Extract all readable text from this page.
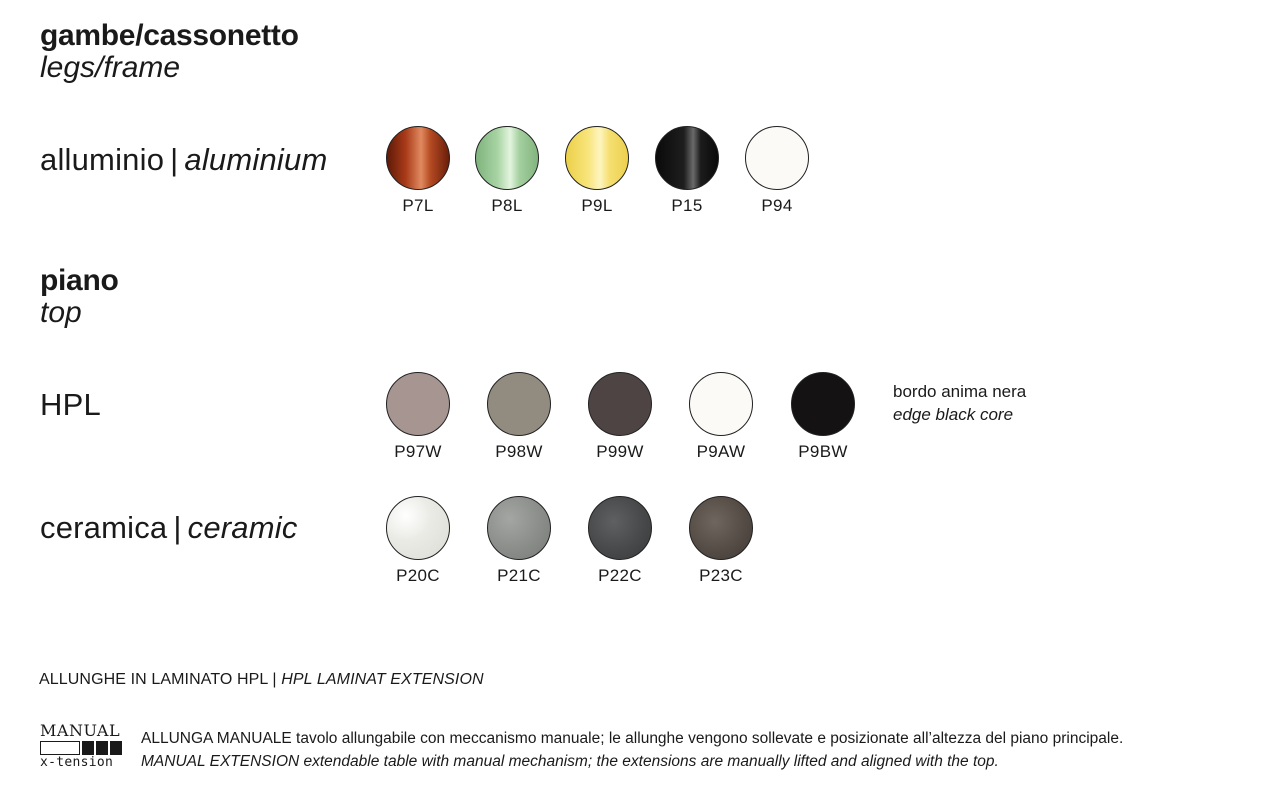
gambe/cassonetto
legs/frame
alluminio | aluminium
P7L	P8L	P9L	P15	P94
piano
top
HPL
P97W	P98W	P99W	P9AW	P9BW
bordo anima nera
edge black core
ceramica | ceramic
P20C	P21C	P22C	P23C
ALLUNGHE IN LAMINATO HPL | HPL LAMINAT EXTENSION
MANUAL
x-tension
ALLUNGA MANUALE tavolo allungabile con meccanismo manuale; le allunghe vengono sollevate e posizionate all’altezza del piano principale.
MANUAL EXTENSION extendable table with manual mechanism; the extensions are manually lifted and aligned with the top.
